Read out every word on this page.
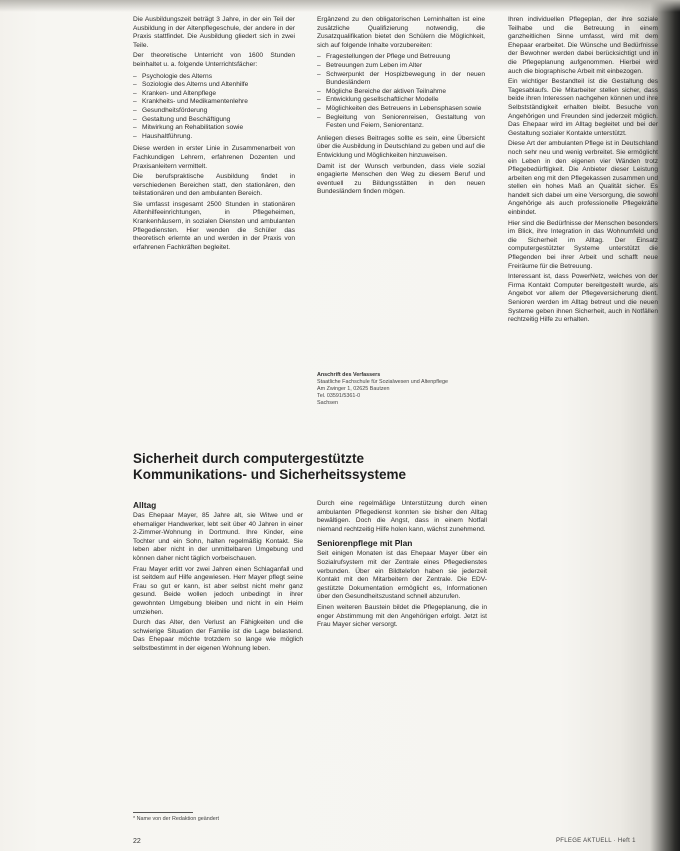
Die Ausbildungszeit beträgt 3 Jahre, in der ein Teil der Ausbildung in der Altenpflegeschule, der andere in der Praxis stattfindet. Die Ausbildung gliedert sich in zwei Teile.

Der theoretische Unterricht von 1600 Stunden beinhaltet u. a. folgende Unterrichtsfächer:

– Psychologie des Alterns
– Soziologie des Alterns und Altenhilfe
– Kranken- und Altenpflege
– Krankheits- und Medikamentenlehre
– Gesundheitsförderung
– Gestaltung und Beschäftigung
– Mitwirkung an Rehabilitation sowie
– Haushaltführung.

Diese werden in erster Linie in Zusammenarbeit von Fachkundigen Lehrern, erfahrenen Dozenten und Praxisanleitern vermittelt.

Die berufspraktische Ausbildung findet in verschiedenen Bereichen statt, den stationären, den teilstationären und den ambulanten Bereich.

Sie umfasst insgesamt 2500 Stunden in stationären Altenhilfeeinrichtungen, in Pflegeheimen, Krankenhäusern, in sozialen Diensten und ambulanten Pflegediensten. Hier wenden die Schüler das theoretisch erlernte an und werden in der Praxis von erfahrenen Fachkräften begleitet.

Ergänzend zu den obligatorischen Lerninhalten ist eine zusätzliche Qualifizierung notwendig, die Zusatzqualifikation bietet den Schülern die Möglichkeit, sich auf folgende Inhalte vorzubereiten:

– Fragestellungen der Pflege und Betreuung
– Betreuungen zum Leben im Alter
– Schwerpunkt der Hospizbewegung in der neuen Bundesländern
– Mögliche Bereiche der aktiven Teilnahme
– Entwicklung gesellschaftlicher Modelle
– Möglichkeiten des Betreuens in Lebensphasen sowie
– Begleitung von Seniorenreisen, Gestaltung von Festen und Feiern, Seniorentanz.

Anliegen dieses Beitrages sollte es sein, eine Übersicht über die Ausbildung in Deutschland zu geben und auf die Entwicklung und Möglichkeiten hinzuweisen.

Damit ist der Wunsch verbunden, dass viele sozial engagierte Menschen den Weg zu diesem Beruf und eventuell zu Bildungsstätten in den neuen Bundesländern finden mögen.

Anschrift des Verfassers
Staatliche Fachschule für Sozialwesen und Altenpflege
Am Zwinger 1, 02625 Bautzen
Tel. 03591/5361-0
Sachsen

Ihren individuellen Pflegeplan, der ihre soziale Teilhabe und die Betreuung in einem ganzheitlichen Sinne umfasst, wird mit dem Ehepaar erarbeitet. Die Wünsche und Bedürfnisse der Bewohner werden dabei berücksichtigt und in die Pflegeplanung aufgenommen. Hierbei wird auch die biographische Arbeit mit einbezogen.

Ein wichtiger Bestandteil ist die Gestaltung des Tagesablaufs. Die Mitarbeiter stellen sicher, dass beide ihren Interessen nachgehen können und ihre Selbstständigkeit erhalten bleibt. Besuche von Angehörigen und Freunden sind jederzeit möglich. Das Ehepaar wird im Alltag begleitet und bei der Gestaltung sozialer Kontakte unterstützt.

Diese Art der ambulanten Pflege ist in Deutschland noch sehr neu und wenig verbreitet. Sie ermöglicht ein Leben in den eigenen vier Wänden trotz Pflegebedürftigkeit. Die Anbieter dieser Leistung arbeiten eng mit den Pflegekassen zusammen und stellen ein hohes Maß an Qualität sicher. Es handelt sich dabei um eine Versorgung, die sowohl Angehörige als auch professionelle Pflegekräfte einbindet.

Hier sind die Bedürfnisse der Menschen besonders im Blick, ihre Integration in das Wohnumfeld und die Sicherheit im Alltag. Der Einsatz computergestützter Systeme unterstützt die Pflegenden bei ihrer Arbeit und schafft neue Freiräume für die Betreuung.

Interessant ist, dass PowerNetz, welches von der Firma Kontakt Computer bereitgestellt wurde, als Angebot vor allem der Pflegeversicherung dient. Senioren werden im Alltag betreut und die neuen Systeme geben ihnen Sicherheit, auch in Notfällen rechtzeitig Hilfe zu erhalten.

Sicherheit durch computergestützte Kommunikations- und Sicherheitssysteme
Alltag

Das Ehepaar Mayer, 85 Jahre alt, sie Witwe und er ehemaliger Handwerker, lebt seit über 40 Jahren in einer 2-Zimmer-Wohnung in Dortmund. Ihre Kinder, eine Tochter und ein Sohn, halten regelmäßig Kontakt. Sie leben aber nicht in der unmittelbaren Umgebung und können daher nicht täglich vorbeischauen.

Frau Mayer erlitt vor zwei Jahren einen Schlaganfall und ist seitdem auf Hilfe angewiesen. Herr Mayer pflegt seine Frau so gut er kann, ist aber selbst nicht mehr ganz gesund. Beide wollen jedoch unbedingt in ihrer gewohnten Umgebung bleiben und nicht in ein Heim umziehen.

Durch das Alter, den Verlust an Fähigkeiten und die schwierige Situation der Familie ist die Lage belastend. Das Ehepaar möchte trotzdem so lange wie möglich selbstbestimmt in der eigenen Wohnung leben.

Durch eine regelmäßige Unterstützung durch einen ambulanten Pflegedienst konnten sie bisher den Alltag bewältigen. Doch die Angst, dass in einem Notfall niemand rechtzeitig Hilfe holen kann, wächst zunehmend.

Seniorenpflege mit Plan

Seit einigen Monaten ist das Ehepaar Mayer über ein Sozialrufsystem mit der Zentrale eines Pflegedienstes verbunden. Über ein Bildtelefon haben sie jederzeit Kontakt mit den Mitarbeitern der Zentrale. Die EDV-gestützte Dokumentation ermöglicht es, Informationen über den Gesundheitszustand schnell abzurufen.

Einen weiteren Baustein bildet die Pflegeplanung, die in enger Abstimmung mit den Angehörigen erfolgt. Jetzt ist Frau Mayer sicher versorgt.

* Name von der Redaktion geändert
22	PFLEGE AKTUELL · Heft 1
